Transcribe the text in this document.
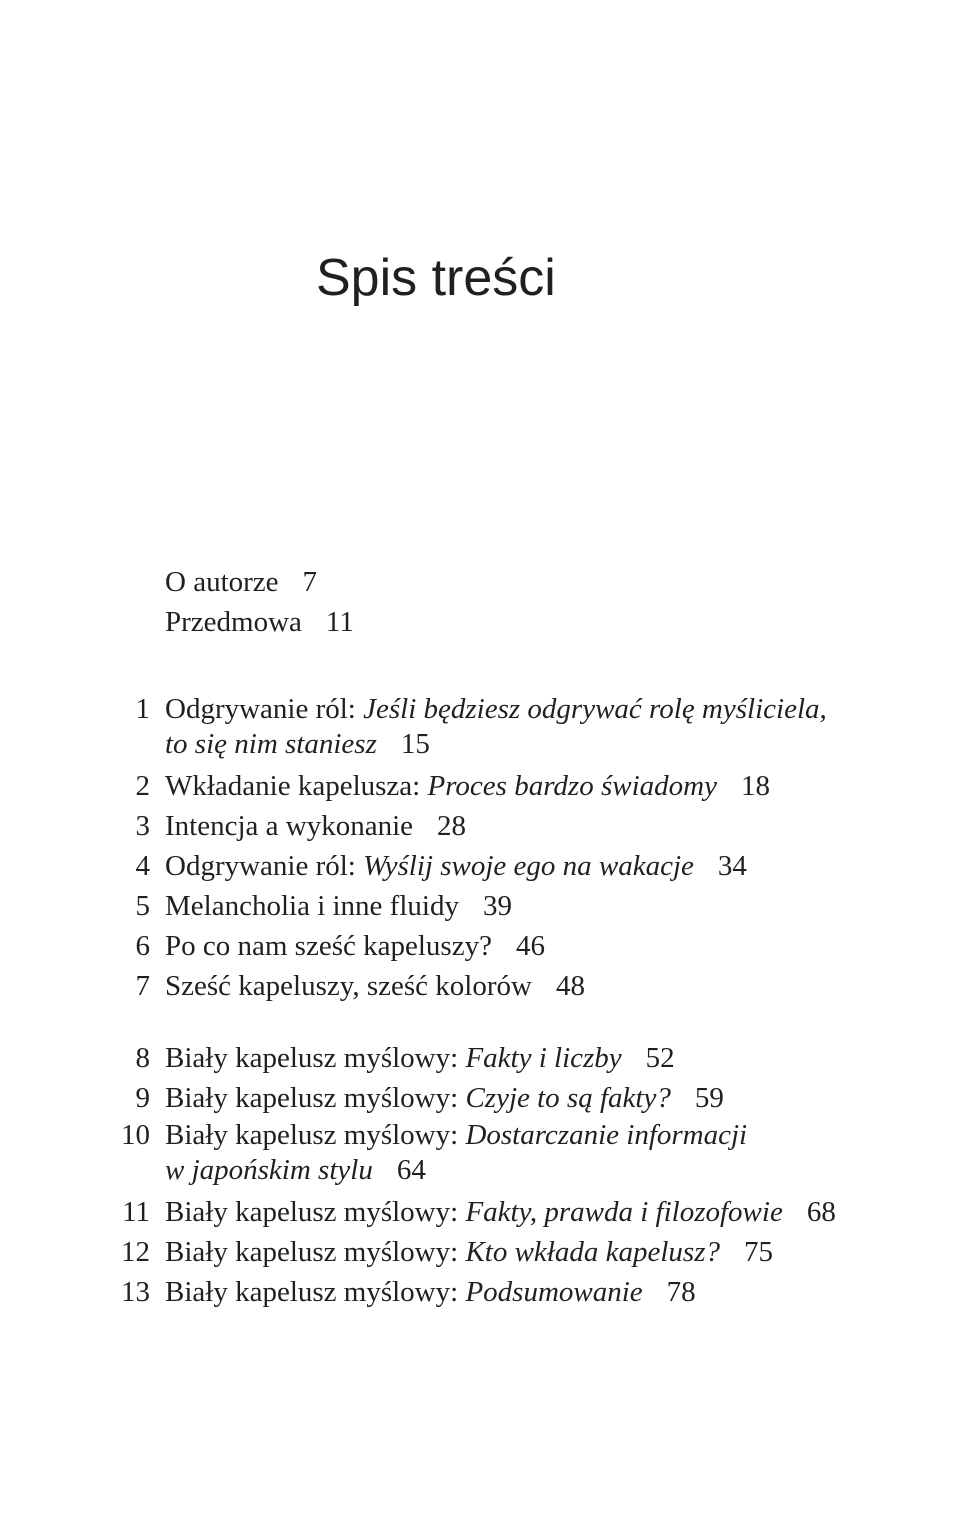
Spis treści
O autorze 7
Przedmowa 11
1 Odgrywanie ról: Jeśli będziesz odgrywać rolę myśliciela,
to się nim staniesz 15
2 Wkładanie kapelusza: Proces bardzo świadomy 18
3 Intencja a wykonanie 28
4 Odgrywanie ról: Wyślij swoje ego na wakacje 34
5 Melancholia i inne fluidy 39
6 Po co nam sześć kapeluszy? 46
7 Sześć kapeluszy, sześć kolorów 48
8 Biały kapelusz myślowy: Fakty i liczby 52
9 Biały kapelusz myślowy: Czyje to są fakty? 59
10 Biały kapelusz myślowy: Dostarczanie informacji
w japońskim stylu 64
11 Biały kapelusz myślowy: Fakty, prawda i filozofowie 68
12 Biały kapelusz myślowy: Kto wkłada kapelusz? 75
13 Biały kapelusz myślowy: Podsumowanie 78
